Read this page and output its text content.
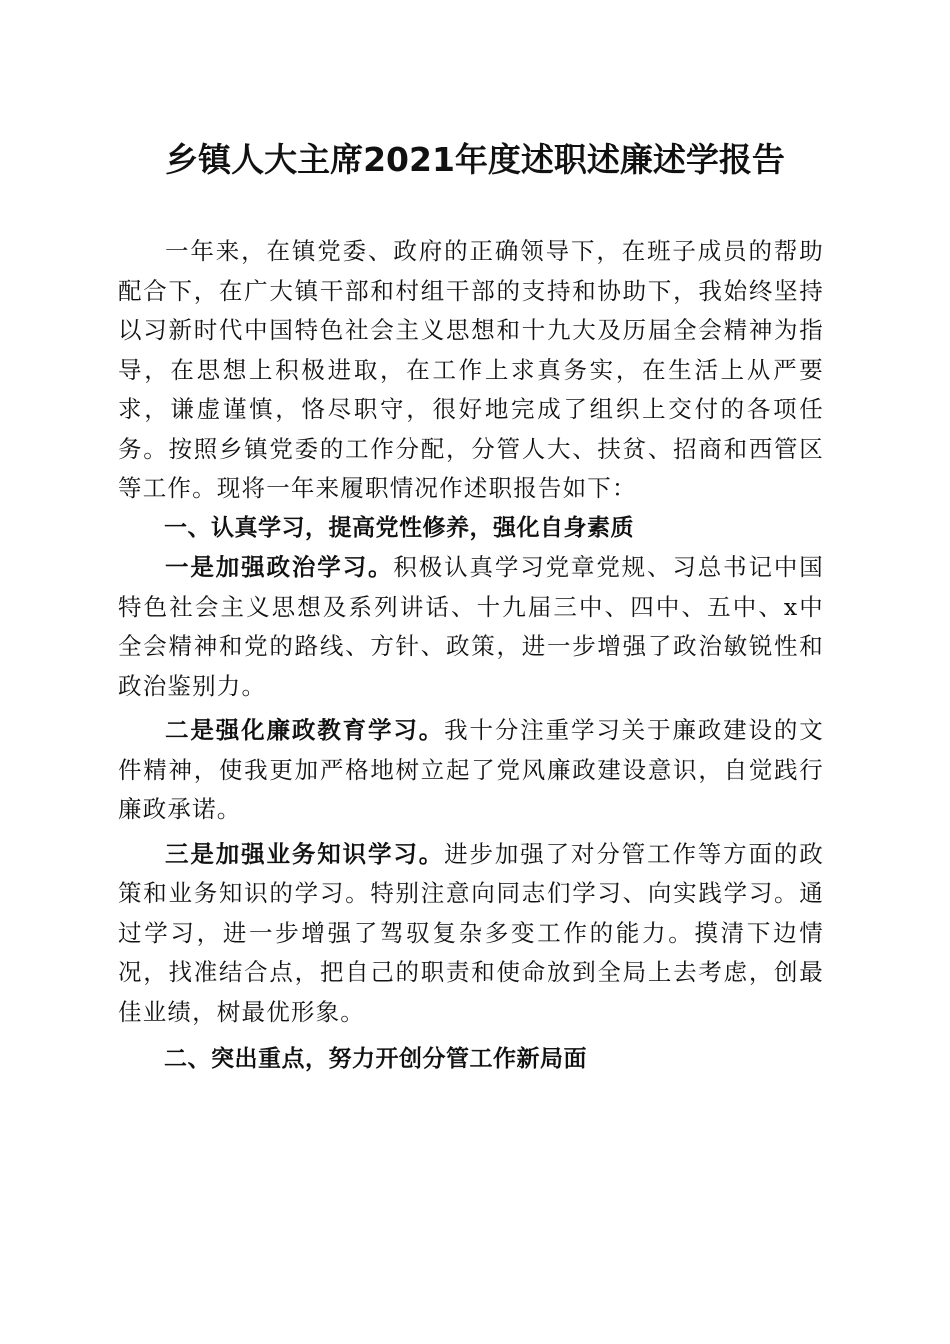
乡镇人大主席2021年度述职述廉述学报告

一年来，在镇党委、政府的正确领导下，在班子成员的帮助配合下，在广大镇干部和村组干部的支持和协助下，我始终坚持以习新时代中国特色社会主义思想和十九大及历届全会精神为指导，在思想上积极进取，在工作上求真务实，在生活上从严要求，谦虚谨慎，恪尽职守，很好地完成了组织上交付的各项任务。按照乡镇党委的工作分配，分管人大、扶贫、招商和西管区等工作。现将一年来履职情况作述职报告如下：

一、认真学习，提高党性修养，强化自身素质

一是加强政治学习。积极认真学习党章党规、习总书记中国特色社会主义思想及系列讲话、十九届三中、四中、五中、x中全会精神和党的路线、方针、政策，进一步增强了政治敏锐性和政治鉴别力。

二是强化廉政教育学习。我十分注重学习关于廉政建设的文件精神，使我更加严格地树立起了党风廉政建设意识，自觉践行廉政承诺。

三是加强业务知识学习。进步加强了对分管工作等方面的政策和业务知识的学习。特别注意向同志们学习、向实践学习。通过学习，进一步增强了驾驭复杂多变工作的能力。摸清下边情况，找准结合点，把自己的职责和使命放到全局上去考虑，创最佳业绩，树最优形象。

二、突出重点，努力开创分管工作新局面
